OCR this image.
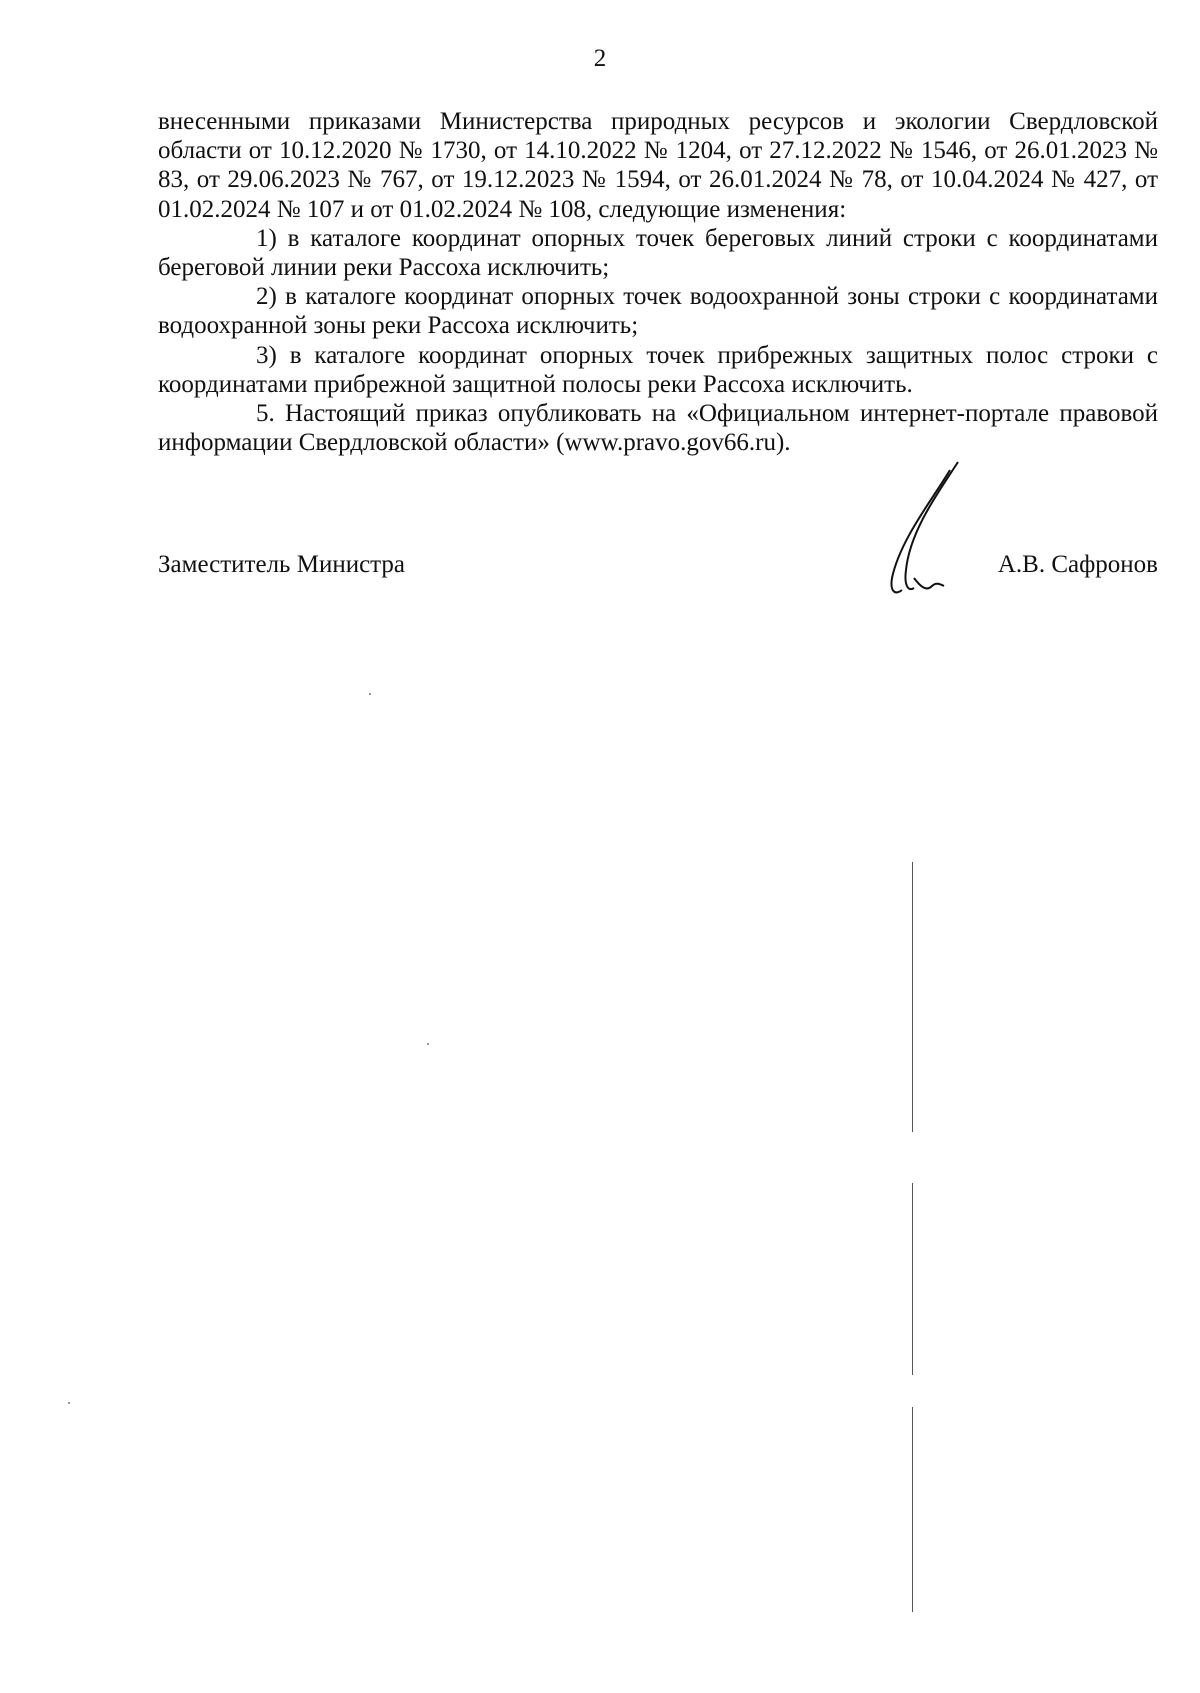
2

внесенными приказами Министерства природных ресурсов и экологии Свердловской области от 10.12.2020 № 1730, от 14.10.2022 № 1204, от 27.12.2022 № 1546, от 26.01.2023 № 83, от 29.06.2023 № 767, от 19.12.2023 № 1594, от 26.01.2024 № 78, от 10.04.2024 № 427, от 01.02.2024 № 107 и от 01.02.2024 № 108, следующие изменения:

1) в каталоге координат опорных точек береговых линий строки с координатами береговой линии реки Рассоха исключить;

2) в каталоге координат опорных точек водоохранной зоны строки с координатами водоохранной зоны реки Рассоха исключить;

3) в каталоге координат опорных точек прибрежных защитных полос строки с координатами прибрежной защитной полосы реки Рассоха исключить.

5. Настоящий приказ опубликовать на «Официальном интернет-портале правовой информации Свердловской области» (www.pravo.gov66.ru).

Заместитель Министра	А.В. Сафронов
